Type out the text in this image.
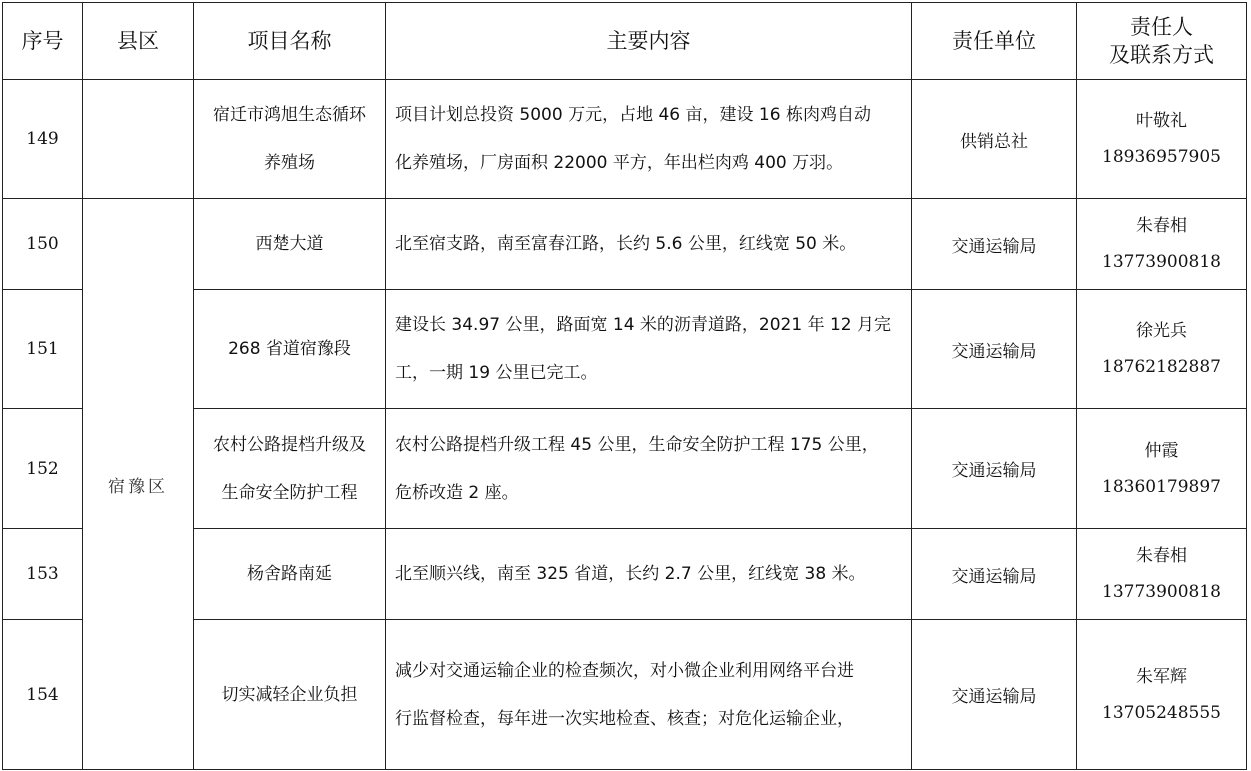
序号	县区	项目名称	主要内容	责任单位	责任人
及联系方式

149		宿迁市鸿旭生态循环
养殖场	项目计划总投资 5000 万元，占地 46 亩，建设 16 栋肉鸡自动
化养殖场，厂房面积 22000 平方，年出栏肉鸡 400 万羽。	供销总社	叶敬礼
18936957905

150	宿豫区	西楚大道	北至宿支路，南至富春江路，长约 5.6 公里，红线宽 50 米。	交通运输局	朱春相
13773900818

151		268 省道宿豫段	建设长 34.97 公里，路面宽 14 米的沥青道路，2021 年 12 月完
工，一期 19 公里已完工。	交通运输局	徐光兵
18762182887

152		农村公路提档升级及
生命安全防护工程	农村公路提档升级工程 45 公里，生命安全防护工程 175 公里，
危桥改造 2 座。	交通运输局	仲霞
18360179897

153		杨舍路南延	北至顺兴线，南至 325 省道，长约 2.7 公里，红线宽 38 米。	交通运输局	朱春相
13773900818

154		切实减轻企业负担	减少对交通运输企业的检查频次，对小微企业利用网络平台进
行监督检查，每年进一次实地检查、核查；对危化运输企业，	交通运输局	朱军辉
13705248555
